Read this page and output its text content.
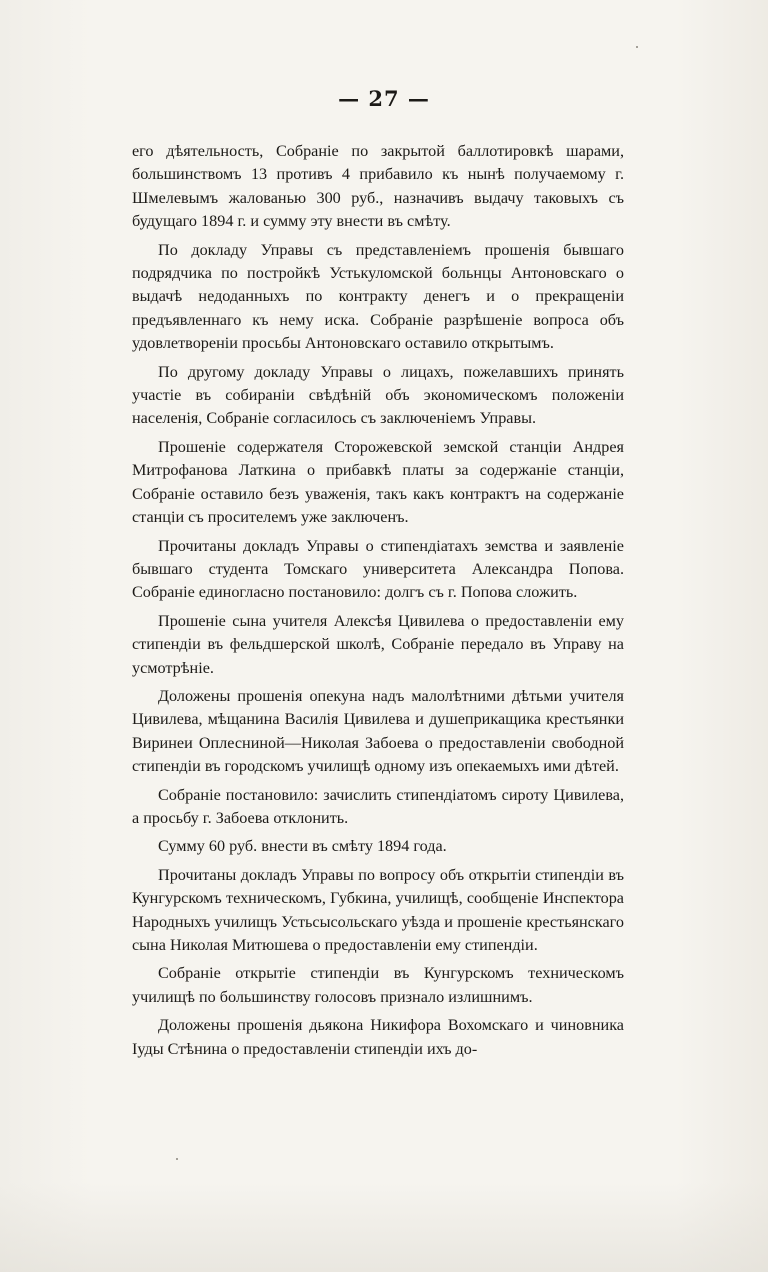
— 27 —

его дѣятельность, Собраніе по закрытой баллотировкѣ шарами, большинствомъ 13 противъ 4 прибавило къ нынѣ получаемому г. Шмелевымъ жалованью 300 руб., назначивъ выдачу таковыхъ съ будущаго 1894 г. и сумму эту внести въ смѣту.

По докладу Управы съ представленіемъ прошенія бывшаго подрядчика по постройкѣ Устькуломской больнцы Антоновскаго о выдачѣ недоданныхъ по контракту денегъ и о прекращеніи предъявленнаго къ нему иска. Собраніе разрѣшеніе вопроса объ удовлетвореніи просьбы Антоновскаго оставило открытымъ.

По другому докладу Управы о лицахъ, пожелавшихъ принять участіе въ собираніи свѣдѣній объ экономическомъ положеніи населенія, Собраніе согласилось съ заключеніемъ Управы.

Прошеніе содержателя Сторожевской земской станціи Андрея Митрофанова Латкина о прибавкѣ платы за содержаніе станціи, Собраніе оставило безъ уваженія, такъ какъ контрактъ на содержаніе станціи съ просителемъ уже заключенъ.

Прочитаны докладъ Управы о стипендіатахъ земства и заявленіе бывшаго студента Томскаго университета Александра Попова. Собраніе единогласно постановило: долгъ съ г. Попова сложить.

Прошеніе сына учителя Алексѣя Цивилева о предоставленіи ему стипендіи въ фельдшерской школѣ, Собраніе передало въ Управу на усмотрѣніе.

Доложены прошенія опекуна надъ малолѣтними дѣтьми учителя Цивилева, мѣщанина Василія Цивилева и душеприкащика крестьянки Виринеи Оплесниной—Николая Забоева о предоставленіи свободной стипендіи въ городскомъ училищѣ одному изъ опекаемыхъ ими дѣтей.

Собраніе постановило: зачислить стипендіатомъ сироту Цивилева, а просьбу г. Забоева отклонить.

Сумму 60 руб. внести въ смѣту 1894 года.

Прочитаны докладъ Управы по вопросу объ открытіи стипендіи въ Кунгурскомъ техническомъ, Губкина, училищѣ, сообщеніе Инспектора Народныхъ училищъ Устьсысольскаго уѣзда и прошеніе крестьянскаго сына Николая Митюшева о предоставленіи ему стипендіи.

Собраніе открытіе стипендіи въ Кунгурскомъ техническомъ училищѣ по большинству голосовъ признало излишнимъ.

Доложены прошенія дьякона Никифора Вохомскаго и чиновника Іуды Стѣнина о предоставленіи стипендіи ихъ до-
